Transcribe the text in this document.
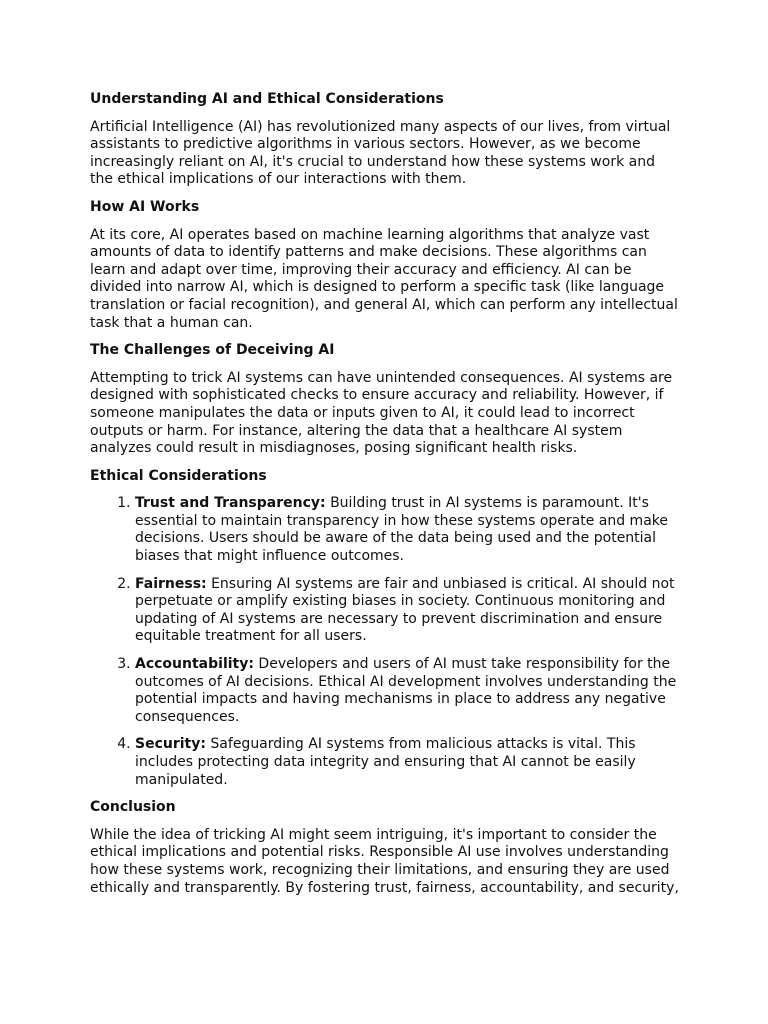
Understanding AI and Ethical Considerations

Artificial Intelligence (AI) has revolutionized many aspects of our lives, from virtual assistants to predictive algorithms in various sectors. However, as we become increasingly reliant on AI, it's crucial to understand how these systems work and the ethical implications of our interactions with them.

How AI Works

At its core, AI operates based on machine learning algorithms that analyze vast amounts of data to identify patterns and make decisions. These algorithms can learn and adapt over time, improving their accuracy and efficiency. AI can be divided into narrow AI, which is designed to perform a specific task (like language translation or facial recognition), and general AI, which can perform any intellectual task that a human can.

The Challenges of Deceiving AI

Attempting to trick AI systems can have unintended consequences. AI systems are designed with sophisticated checks to ensure accuracy and reliability. However, if someone manipulates the data or inputs given to AI, it could lead to incorrect outputs or harm. For instance, altering the data that a healthcare AI system analyzes could result in misdiagnoses, posing significant health risks.

Ethical Considerations
1. Trust and Transparency: Building trust in AI systems is paramount. It's essential to maintain transparency in how these systems operate and make decisions. Users should be aware of the data being used and the potential biases that might influence outcomes.
2. Fairness: Ensuring AI systems are fair and unbiased is critical. AI should not perpetuate or amplify existing biases in society. Continuous monitoring and updating of AI systems are necessary to prevent discrimination and ensure equitable treatment for all users.
3. Accountability: Developers and users of AI must take responsibility for the outcomes of AI decisions. Ethical AI development involves understanding the potential impacts and having mechanisms in place to address any negative consequences.
4. Security: Safeguarding AI systems from malicious attacks is vital. This includes protecting data integrity and ensuring that AI cannot be easily manipulated.
Conclusion

While the idea of tricking AI might seem intriguing, it's important to consider the ethical implications and potential risks. Responsible AI use involves understanding how these systems work, recognizing their limitations, and ensuring they are used ethically and transparently. By fostering trust, fairness, accountability, and security,
